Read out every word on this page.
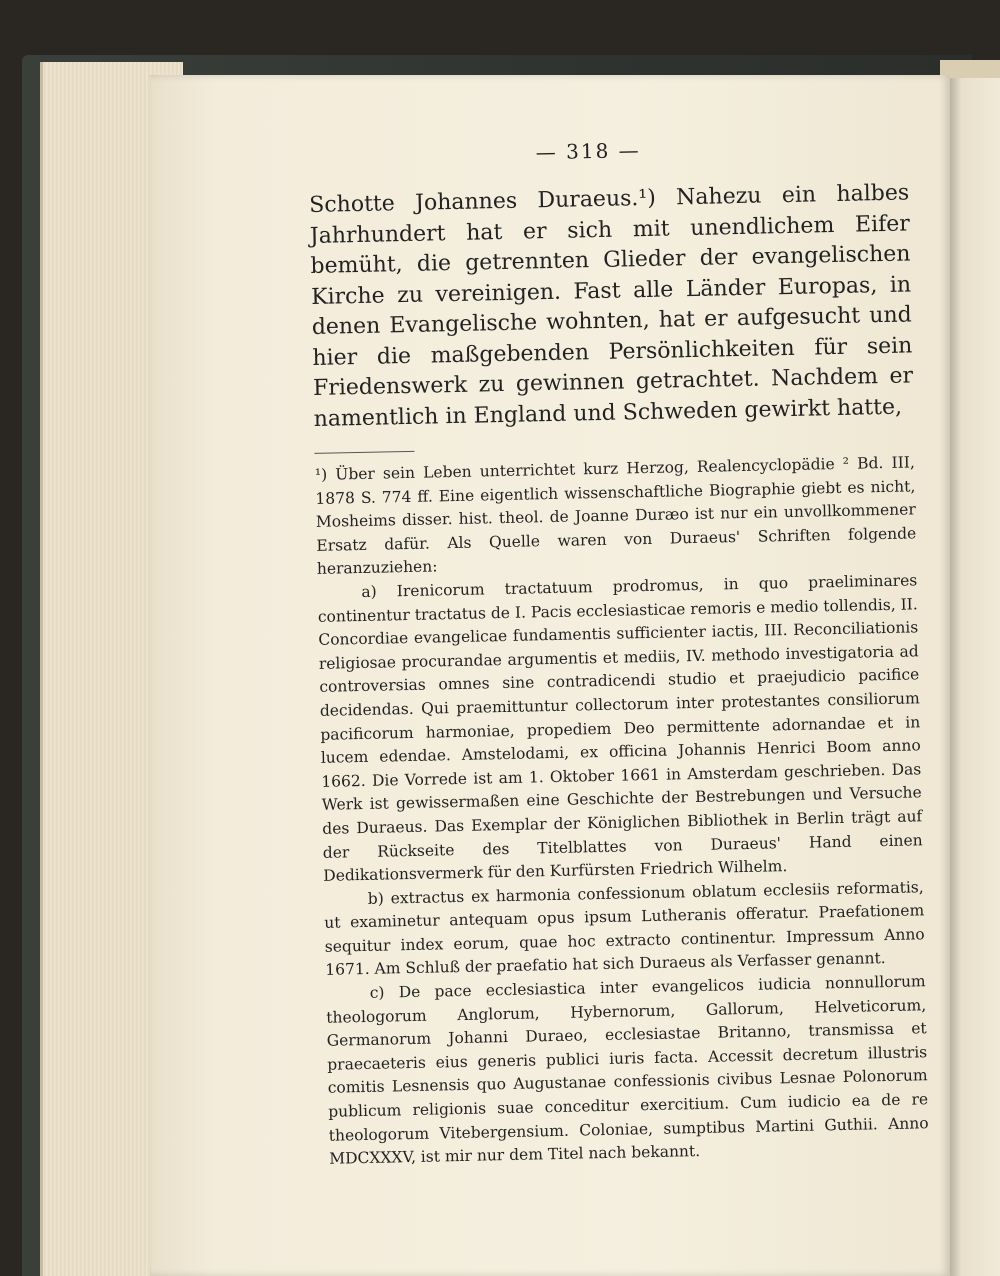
— 318 —

Schotte Johannes Duraeus.¹) Nahezu ein halbes Jahrhundert hat er sich mit unendlichem Eifer bemüht, die getrennten Glieder der evangelischen Kirche zu vereinigen. Fast alle Länder Europas, in denen Evangelische wohnten, hat er aufgesucht und hier die maßgebenden Persönlichkeiten für sein Friedenswerk zu gewinnen getrachtet. Nachdem er namentlich in England und Schweden gewirkt hatte,

¹) Über sein Leben unterrichtet kurz Herzog, Realencyclopädie ² Bd. III, 1878 S. 774 ff. Eine eigentlich wissenschaftliche Biographie giebt es nicht, Mosheims disser. hist. theol. de Joanne Duræo ist nur ein unvollkommener Ersatz dafür. Als Quelle waren von Duraeus' Schriften folgende heranzuziehen:

a) Irenicorum tractatuum prodromus, in quo praeliminares continentur tractatus de I. Pacis ecclesiasticae remoris e medio tollendis, II. Concordiae evangelicae fundamentis sufficienter iactis, III. Reconciliationis religiosae procurandae argumentis et mediis, IV. methodo investigatoria ad controversias omnes sine contradicendi studio et praejudicio pacifice decidendas. Qui praemittuntur collectorum inter protestantes consiliorum pacificorum harmoniae, propediem Deo permittente adornandae et in lucem edendae. Amstelodami, ex officina Johannis Henrici Boom anno 1662. Die Vorrede ist am 1. Oktober 1661 in Amsterdam geschrieben. Das Werk ist gewissermaßen eine Geschichte der Bestrebungen und Versuche des Duraeus. Das Exemplar der Königlichen Bibliothek in Berlin trägt auf der Rückseite des Titelblattes von Duraeus' Hand einen Dedikationsvermerk für den Kurfürsten Friedrich Wilhelm.

b) extractus ex harmonia confessionum oblatum ecclesiis reformatis, ut examinetur antequam opus ipsum Lutheranis offeratur. Praefationem sequitur index eorum, quae hoc extracto continentur. Impressum Anno 1671. Am Schluß der praefatio hat sich Duraeus als Verfasser genannt.

c) De pace ecclesiastica inter evangelicos iudicia nonnullorum theologorum Anglorum, Hybernorum, Gallorum, Helveticorum, Germanorum Johanni Duraeo, ecclesiastae Britanno, transmissa et praecaeteris eius generis publici iuris facta. Accessit decretum illustris comitis Lesnensis quo Augustanae confessionis civibus Lesnae Polonorum publicum religionis suae conceditur exercitium. Cum iudicio ea de re theologorum Vitebergensium. Coloniae, sumptibus Martini Guthii. Anno MDCXXXV, ist mir nur dem Titel nach bekannt.
